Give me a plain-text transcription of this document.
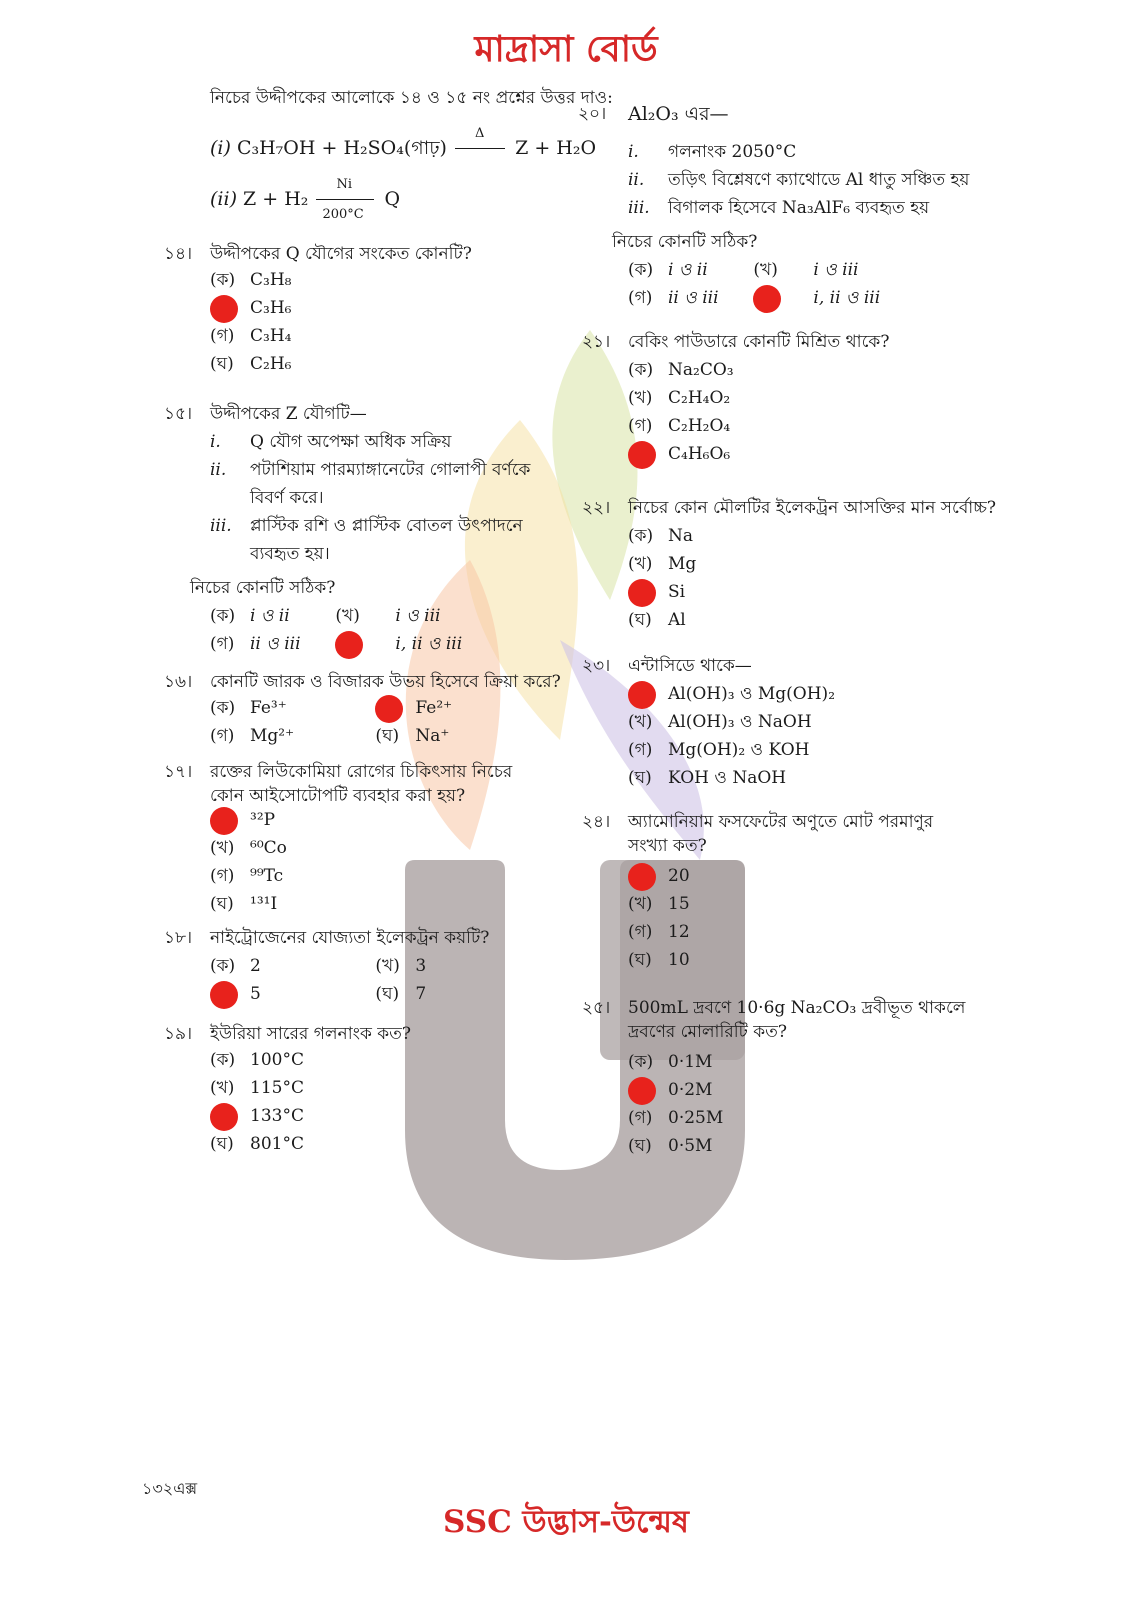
মাদ্রাসা বোর্ড
নিচের উদ্দীপকের আলোকে ১৪ ও ১৫ নং প্রশ্নের উত্তর দাও:
(i) C₃H₇OH + H₂SO₄(গাঢ়)
Δ
Z + H₂O
(ii) $Z + H_2 \frac{Ni}{200^\circ C}$ Q
১৪। উদ্দীপকের Q যৌগের সংকেত কোনটি?
(ক) C₃H₈
C₃H₆
(গ) C₃H₄
(ঘ) C₂H₆
১৫। উদ্দীপকের Z যৌগটি—
i. Q যৌগ অপেক্ষা অধিক সক্রিয়
ii. পটাশিয়াম পারম্যাঙ্গানেটের গোলাপী বর্ণকে বিবর্ণ করে।
iii. প্লাস্টিক রশি ও প্লাস্টিক বোতল উৎপাদনে ব্যবহৃত হয়।
নিচের কোনটি সঠিক?
(ক) i ও ii	(খ) i ও iii
(গ) ii ও iii	i, ii ও iii
১৬। কোনটি জারক ও বিজারক উভয় হিসেবে ক্রিয়া করে?
(ক) Fe³⁺	Fe²⁺
(গ) Mg²⁺	(ঘ) Na⁺
১৭। রক্তের লিউকোমিয়া রোগের চিকিৎসায় নিচের কোন আইসোটোপটি ব্যবহার করা হয়?
³²P
(খ) ⁶⁰Co
(গ) ⁹⁹Tc
(ঘ) ¹³¹I
১৮। নাইট্রোজেনের যোজ্যতা ইলেকট্রন কয়টি?
(ক) 2	(খ) 3
5	(ঘ) 7
১৯। ইউরিয়া সারের গলনাংক কত?
(ক) 100°C
(খ) 115°C
133°C
(ঘ) 801°C
২০। Al₂O₃ এর—
i. গলনাংক 2050°C
ii. তড়িৎ বিশ্লেষণে ক্যাথোডে Al ধাতু সঞ্চিত হয়
iii. বিগালক হিসেবে Na₃AlF₆ ব্যবহৃত হয়
নিচের কোনটি সঠিক?
(ক) i ও ii	(খ) i ও iii
(গ) ii ও iii	i, ii ও iii
২১। বেকিং পাউডারে কোনটি মিশ্রিত থাকে?
(ক) Na₂CO₃
(খ) C₂H₄O₂
(গ) C₂H₂O₄
C₄H₆O₆
২২। নিচের কোন মৌলটির ইলেকট্রন আসক্তির মান সর্বোচ্চ?
(ক) Na
(খ) Mg
Si
(ঘ) Al
২৩। এন্টাসিডে থাকে—
Al(OH)₃ ও Mg(OH)₂
(খ) Al(OH)₃ ও NaOH
(গ) Mg(OH)₂ ও KOH
(ঘ) KOH ও NaOH
২৪। অ্যামোনিয়াম ফসফেটের অণুতে মোট পরমাণুর সংখ্যা কত?
20
(খ) 15
(গ) 12
(ঘ) 10
২৫। 500mL দ্রবণে 10·6g Na₂CO₃ দ্রবীভূত থাকলে দ্রবণের মোলারিটি কত?
(ক) 0·1M
0·2M
(গ) 0·25M
(ঘ) 0·5M
১৩২এক্স
SSC উদ্ভাস-উন্মেষ
